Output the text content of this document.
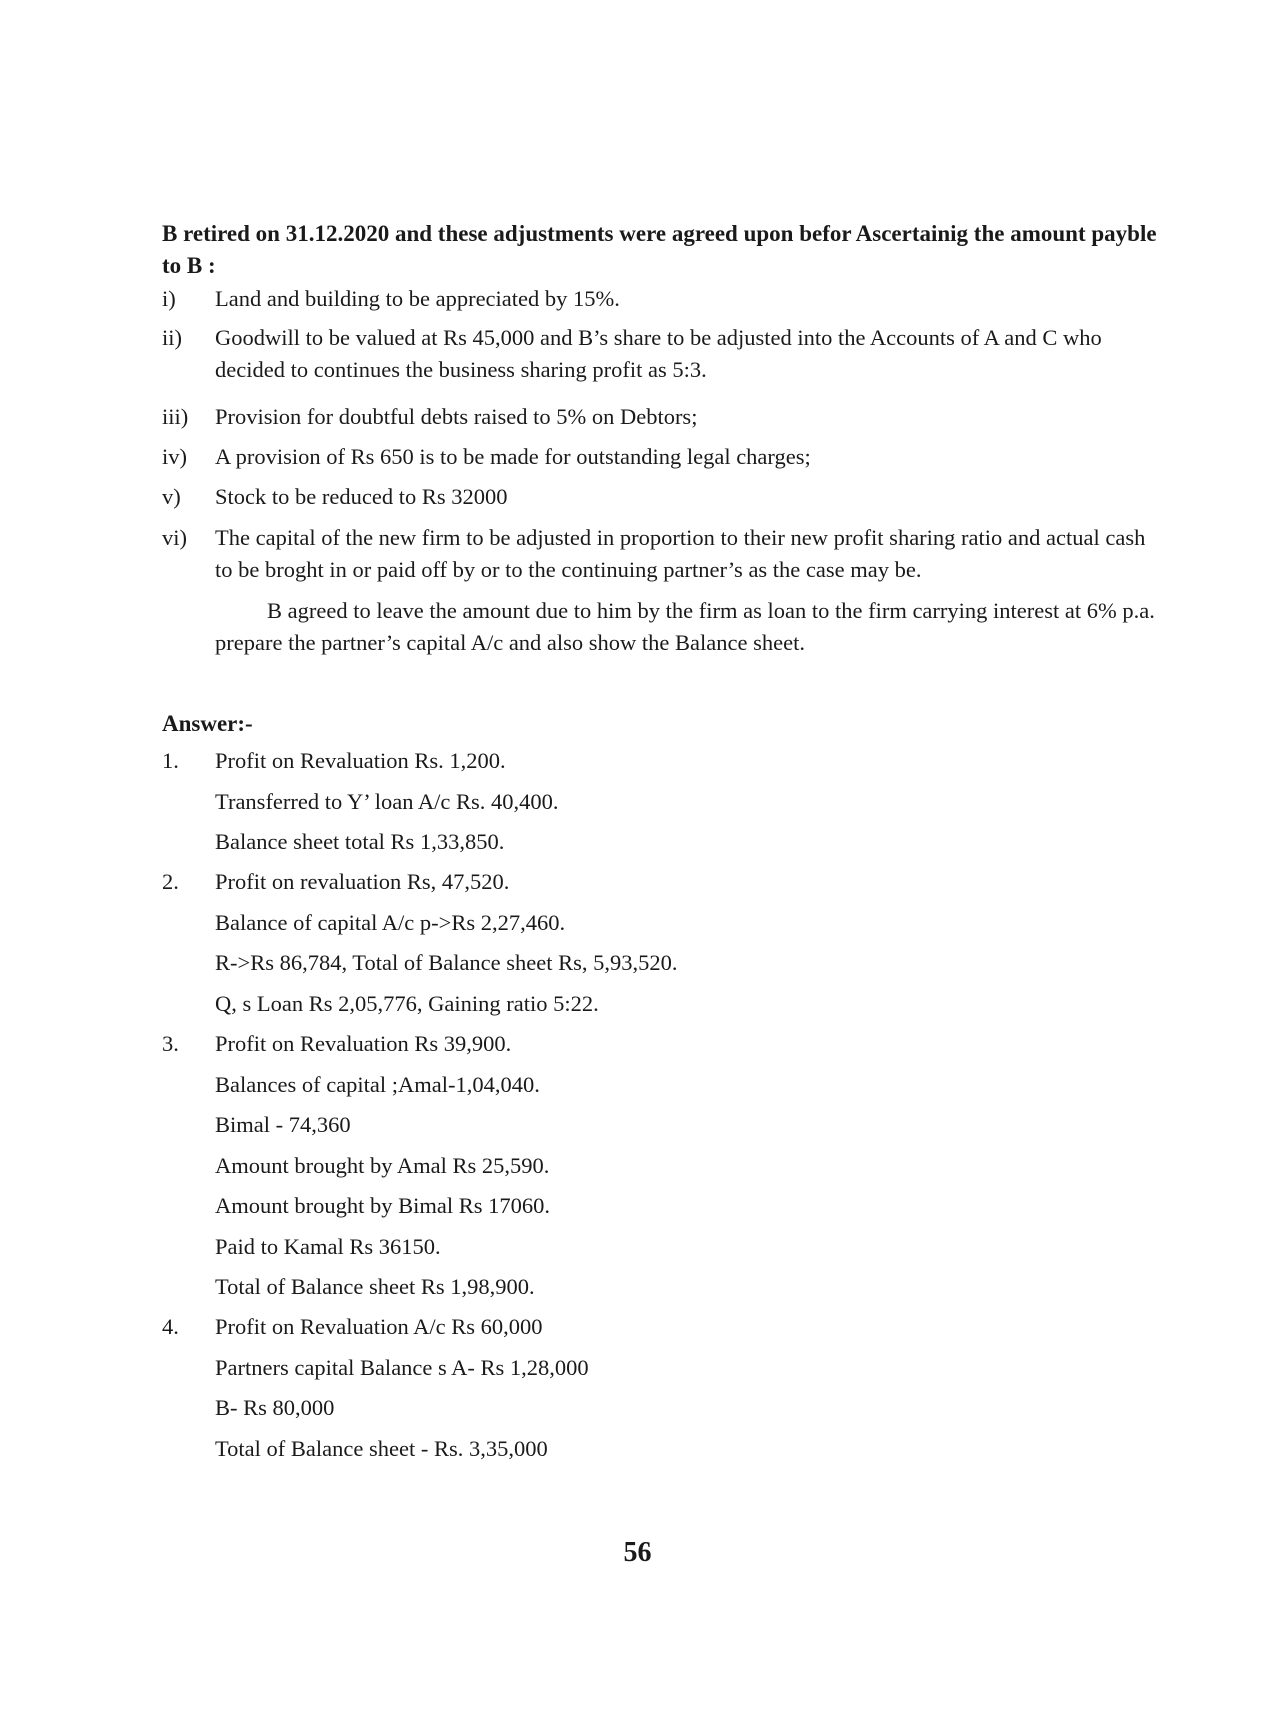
B retired on 31.12.2020 and these adjustments were agreed upon befor Ascertainig the amount payble to B :
i) Land and building to be appreciated by 15%.
ii) Goodwill to be valued at Rs 45,000 and B’s share to be adjusted into the Accounts of A and C who decided to continues the business sharing profit as 5:3.
iii) Provision for doubtful debts raised to 5% on Debtors;
iv) A provision of Rs 650 is to be made for outstanding legal charges;
v) Stock to be reduced to Rs 32000
vi) The capital of the new firm to be adjusted in proportion to their new profit sharing ratio and actual cash to be broght in or paid off by or to the continuing partner’s as the case may be.
B agreed to leave the amount due to him by the firm as loan to the firm carrying interest at 6% p.a. prepare the partner’s capital A/c and also show the Balance sheet.
Answer:-
1. Profit on Revaluation Rs. 1,200.
Transferred to Y’ loan A/c Rs. 40,400.
Balance sheet total Rs 1,33,850.
2. Profit on revaluation Rs, 47,520.
Balance of capital A/c p->Rs 2,27,460.
R->Rs 86,784, Total of Balance sheet Rs, 5,93,520.
Q, s Loan Rs 2,05,776, Gaining ratio 5:22.
3. Profit on Revaluation Rs 39,900.
Balances of capital ;Amal-1,04,040.
Bimal - 74,360
Amount brought by Amal Rs 25,590.
Amount brought by Bimal Rs 17060.
Paid to Kamal Rs 36150.
Total of Balance sheet Rs 1,98,900.
4. Profit on Revaluation A/c Rs 60,000
Partners capital Balance s A- Rs 1,28,000
B- Rs 80,000
Total of Balance sheet - Rs. 3,35,000
56
